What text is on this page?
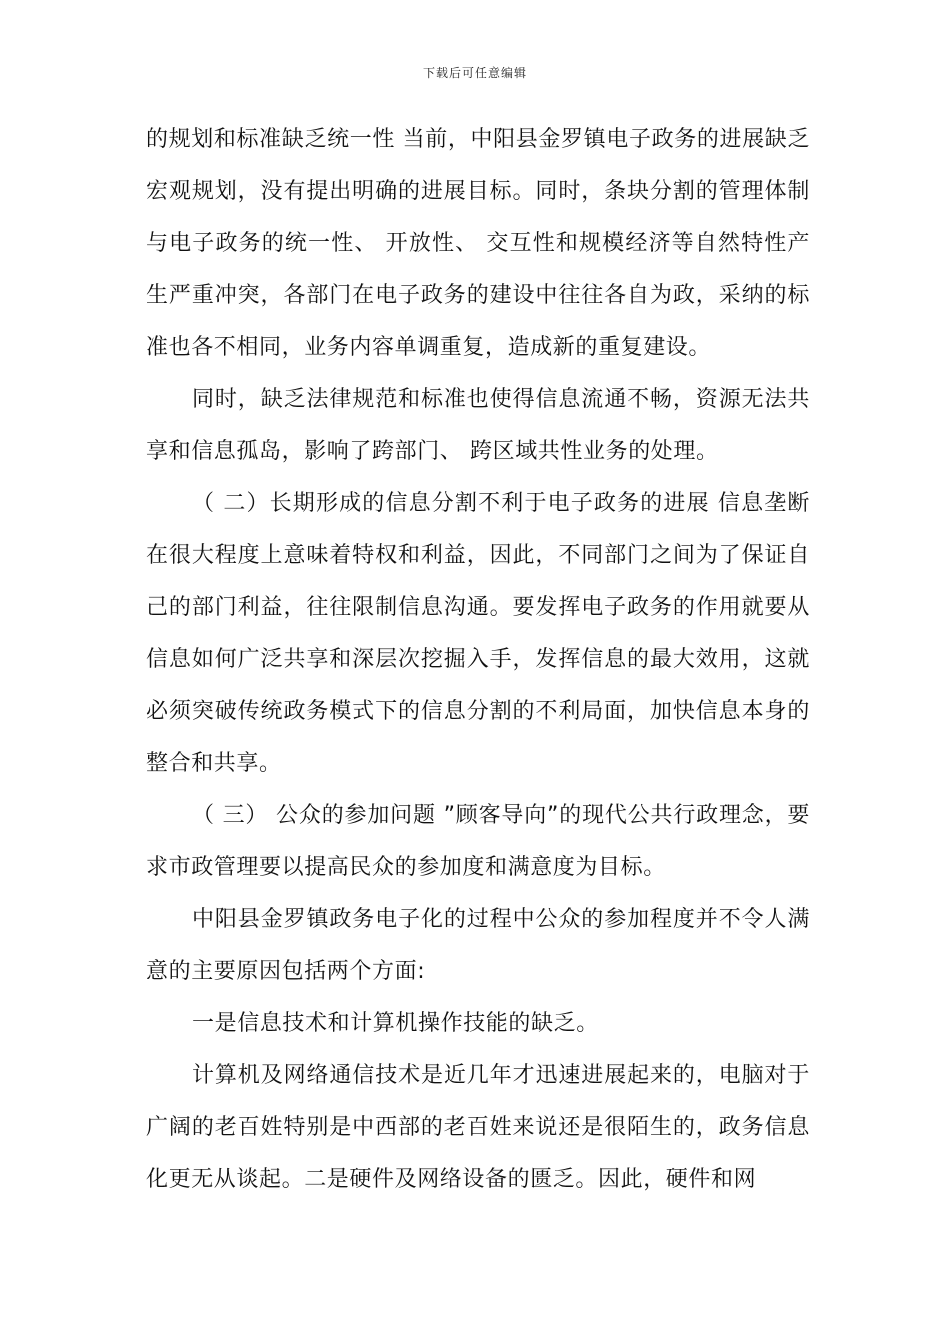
下载后可任意编辑

的规划和标准缺乏统一性 当前，中阳县金罗镇电子政务的进展缺乏宏观规划，没有提出明确的进展目标。同时，条块分割的管理体制与电子政务的统一性、 开放性、 交互性和规模经济等自然特性产生严重冲突，各部门在电子政务的建设中往往各自为政，采纳的标准也各不相同，业务内容单调重复，造成新的重复建设。

同时，缺乏法律规范和标准也使得信息流通不畅，资源无法共享和信息孤岛，影响了跨部门、 跨区域共性业务的处理。

（ 二）长期形成的信息分割不利于电子政务的进展 信息垄断在很大程度上意味着特权和利益，因此，不同部门之间为了保证自己的部门利益，往往限制信息沟通。要发挥电子政务的作用就要从信息如何广泛共享和深层次挖掘入手，发挥信息的最大效用，这就必须突破传统政务模式下的信息分割的不利局面，加快信息本身的整合和共享。

（ 三） 公众的参加问题 ”顾客导向”的现代公共行政理念，要求市政管理要以提高民众的参加度和满意度为目标。

中阳县金罗镇政务电子化的过程中公众的参加程度并不令人满意的主要原因包括两个方面:

一是信息技术和计算机操作技能的缺乏。

计算机及网络通信技术是近几年才迅速进展起来的，电脑对于广阔的老百姓特别是中西部的老百姓来说还是很陌生的，政务信息化更无从谈起。二是硬件及网络设备的匮乏。因此，硬件和网
